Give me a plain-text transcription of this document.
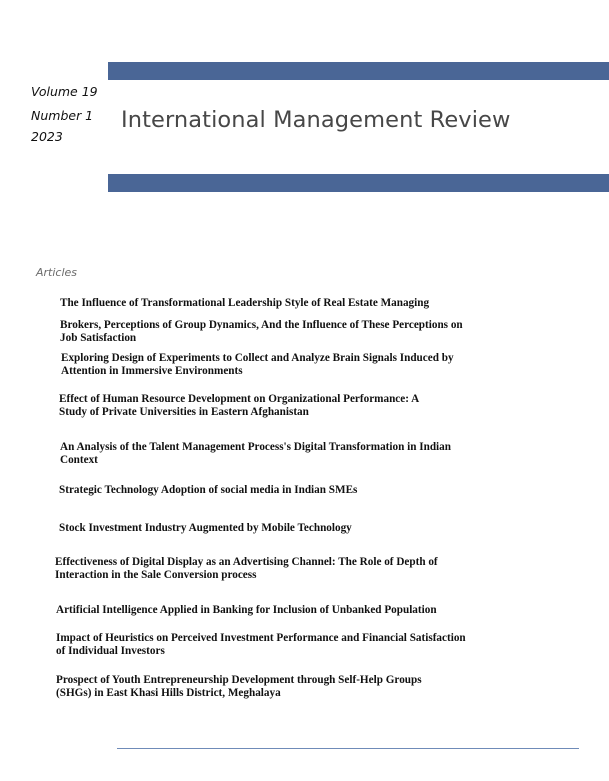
Volume 19
Number 1
2023
International Management Review
Articles
The Influence of Transformational Leadership Style of Real Estate Managing
Brokers, Perceptions of Group Dynamics, And the Influence of These Perceptions on
Job Satisfaction
Exploring Design of Experiments to Collect and Analyze Brain Signals Induced by
Attention in Immersive Environments
Effect of Human Resource Development on Organizational Performance: A
Study of Private Universities in Eastern Afghanistan
An Analysis of the Talent Management Process's Digital Transformation in Indian
Context
Strategic Technology Adoption of social media in Indian SMEs
Stock Investment Industry Augmented by Mobile Technology
Effectiveness of Digital Display as an Advertising Channel: The Role of Depth of
Interaction in the Sale Conversion process
Artificial Intelligence Applied in Banking for Inclusion of Unbanked Population
Impact of Heuristics on Perceived Investment Performance and Financial Satisfaction
of Individual Investors
Prospect of Youth Entrepreneurship Development through Self-Help Groups
(SHGs) in East Khasi Hills District, Meghalaya
